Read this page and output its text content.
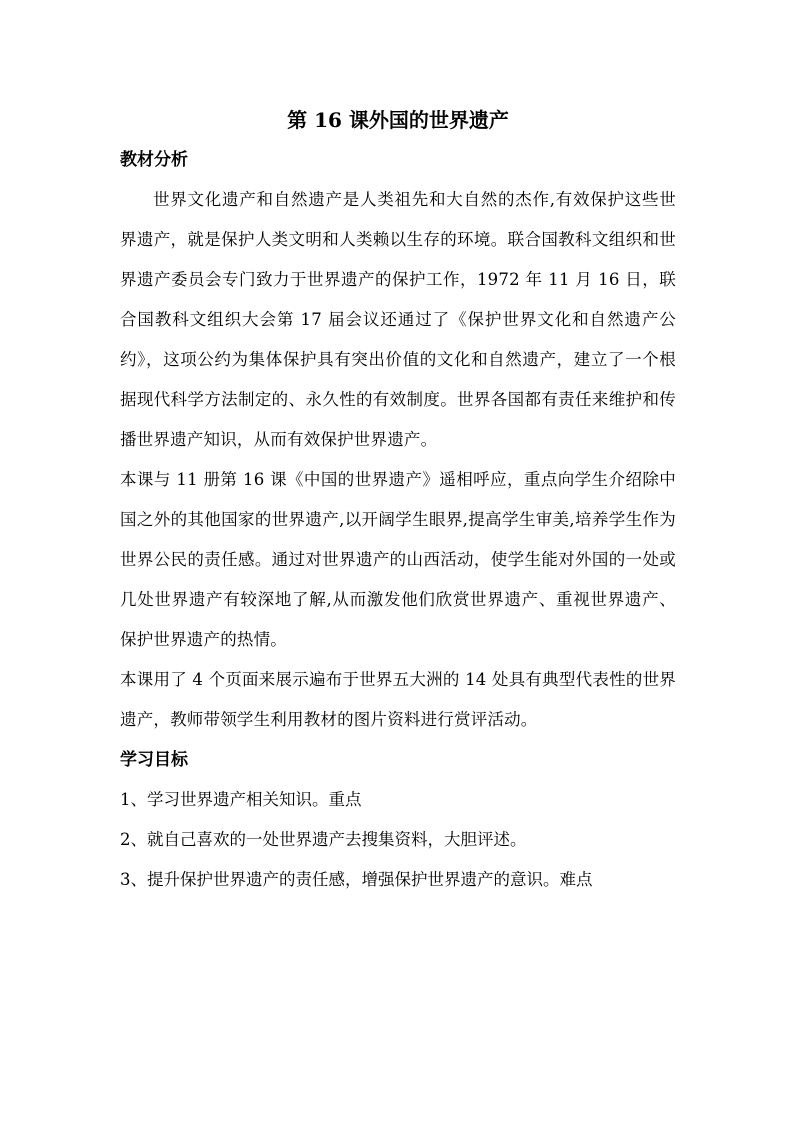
第 16 课外国的世界遗产
教材分析

世界文化遗产和自然遗产是人类祖先和大自然的杰作,有效保护这些世界遗产，就是保护人类文明和人类赖以生存的环境。联合国教科文组织和世界遗产委员会专门致力于世界遗产的保护工作，1972 年 11 月 16 日，联合国教科文组织大会第 17 届会议还通过了《保护世界文化和自然遗产公约》，这项公约为集体保护具有突出价值的文化和自然遗产，建立了一个根据现代科学方法制定的、永久性的有效制度。世界各国都有责任来维护和传播世界遗产知识，从而有效保护世界遗产。

本课与 11 册第 16 课《中国的世界遗产》遥相呼应，重点向学生介绍除中国之外的其他国家的世界遗产,以开阔学生眼界,提高学生审美,培养学生作为世界公民的责任感。通过对世界遗产的山西活动，使学生能对外国的一处或几处世界遗产有较深地了解,从而激发他们欣赏世界遗产、重视世界遗产、保护世界遗产的热情。

本课用了 4 个页面来展示遍布于世界五大洲的 14 处具有典型代表性的世界遗产，教师带领学生利用教材的图片资料进行赏评活动。

学习目标

1、学习世界遗产相关知识。重点

2、就自己喜欢的一处世界遗产去搜集资料，大胆评述。

3、提升保护世界遗产的责任感，增强保护世界遗产的意识。难点
